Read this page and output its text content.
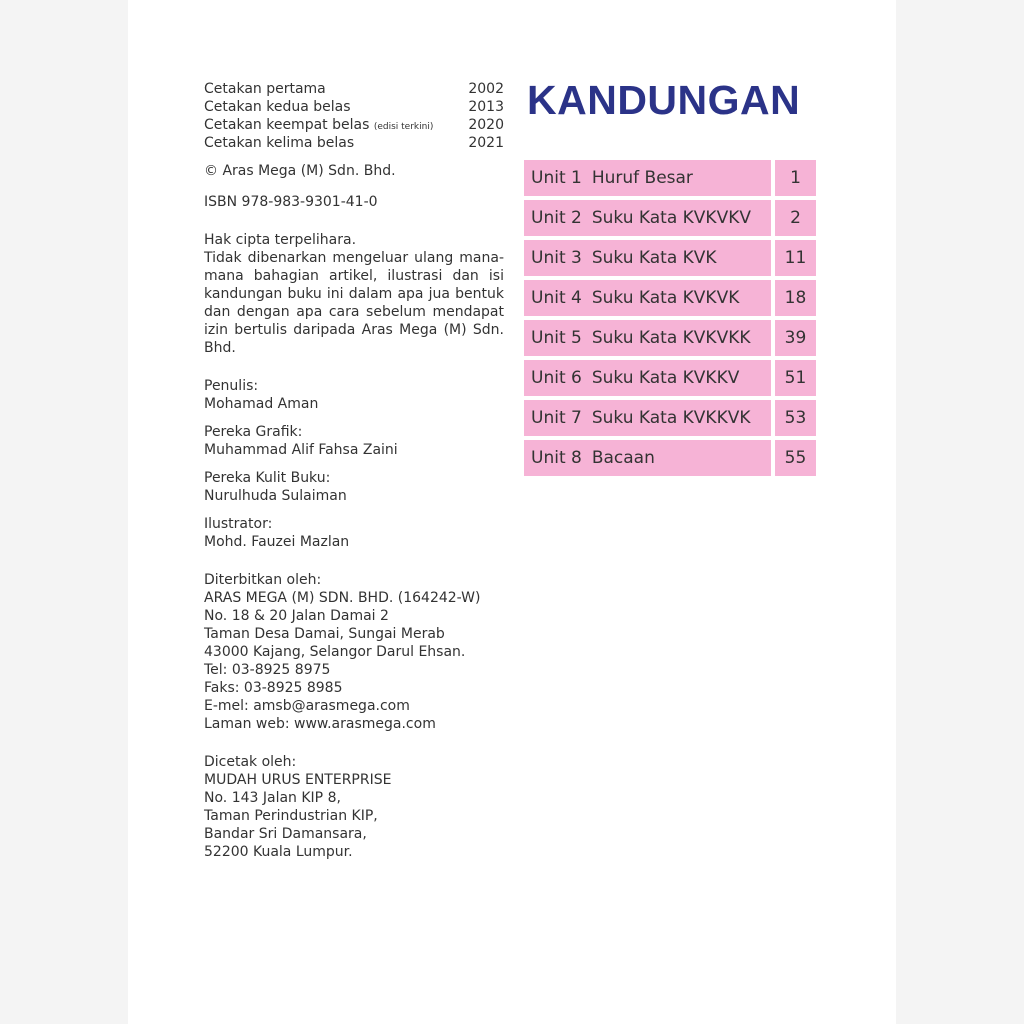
Cetakan pertama	2002
Cetakan kedua belas	2013
Cetakan keempat belas (edisi terkini)	2020
Cetakan kelima belas	2021
© Aras Mega (M) Sdn. Bhd.
ISBN 978-983-9301-41-0
Hak cipta terpelihara.
Tidak dibenarkan mengeluar ulang mana-mana bahagian artikel, ilustrasi dan isi kandungan buku ini dalam apa jua bentuk dan dengan apa cara sebelum mendapat izin bertulis daripada Aras Mega (M) Sdn. Bhd.
Penulis:
Mohamad Aman
Pereka Grafik:
Muhammad Alif Fahsa Zaini
Pereka Kulit Buku:
Nurulhuda Sulaiman
Ilustrator:
Mohd. Fauzei Mazlan
Diterbitkan oleh:
ARAS MEGA (M) SDN. BHD. (164242-W)
No. 18 & 20 Jalan Damai 2
Taman Desa Damai, Sungai Merab
43000 Kajang, Selangor Darul Ehsan.
Tel: 03-8925 8975
Faks: 03-8925 8985
E-mel: amsb@arasmega.com
Laman web: www.arasmega.com
Dicetak oleh:
MUDAH URUS ENTERPRISE
No. 143 Jalan KIP 8,
Taman Perindustrian KIP,
Bandar Sri Damansara,
52200 Kuala Lumpur.
KANDUNGAN
Unit 1 Huruf Besar	1
Unit 2 Suku Kata KVKVKV	2
Unit 3 Suku Kata KVK	11
Unit 4 Suku Kata KVKVK	18
Unit 5 Suku Kata KVKVKK	39
Unit 6 Suku Kata KVKKV	51
Unit 7 Suku Kata KVKKVK	53
Unit 8 Bacaan	55
